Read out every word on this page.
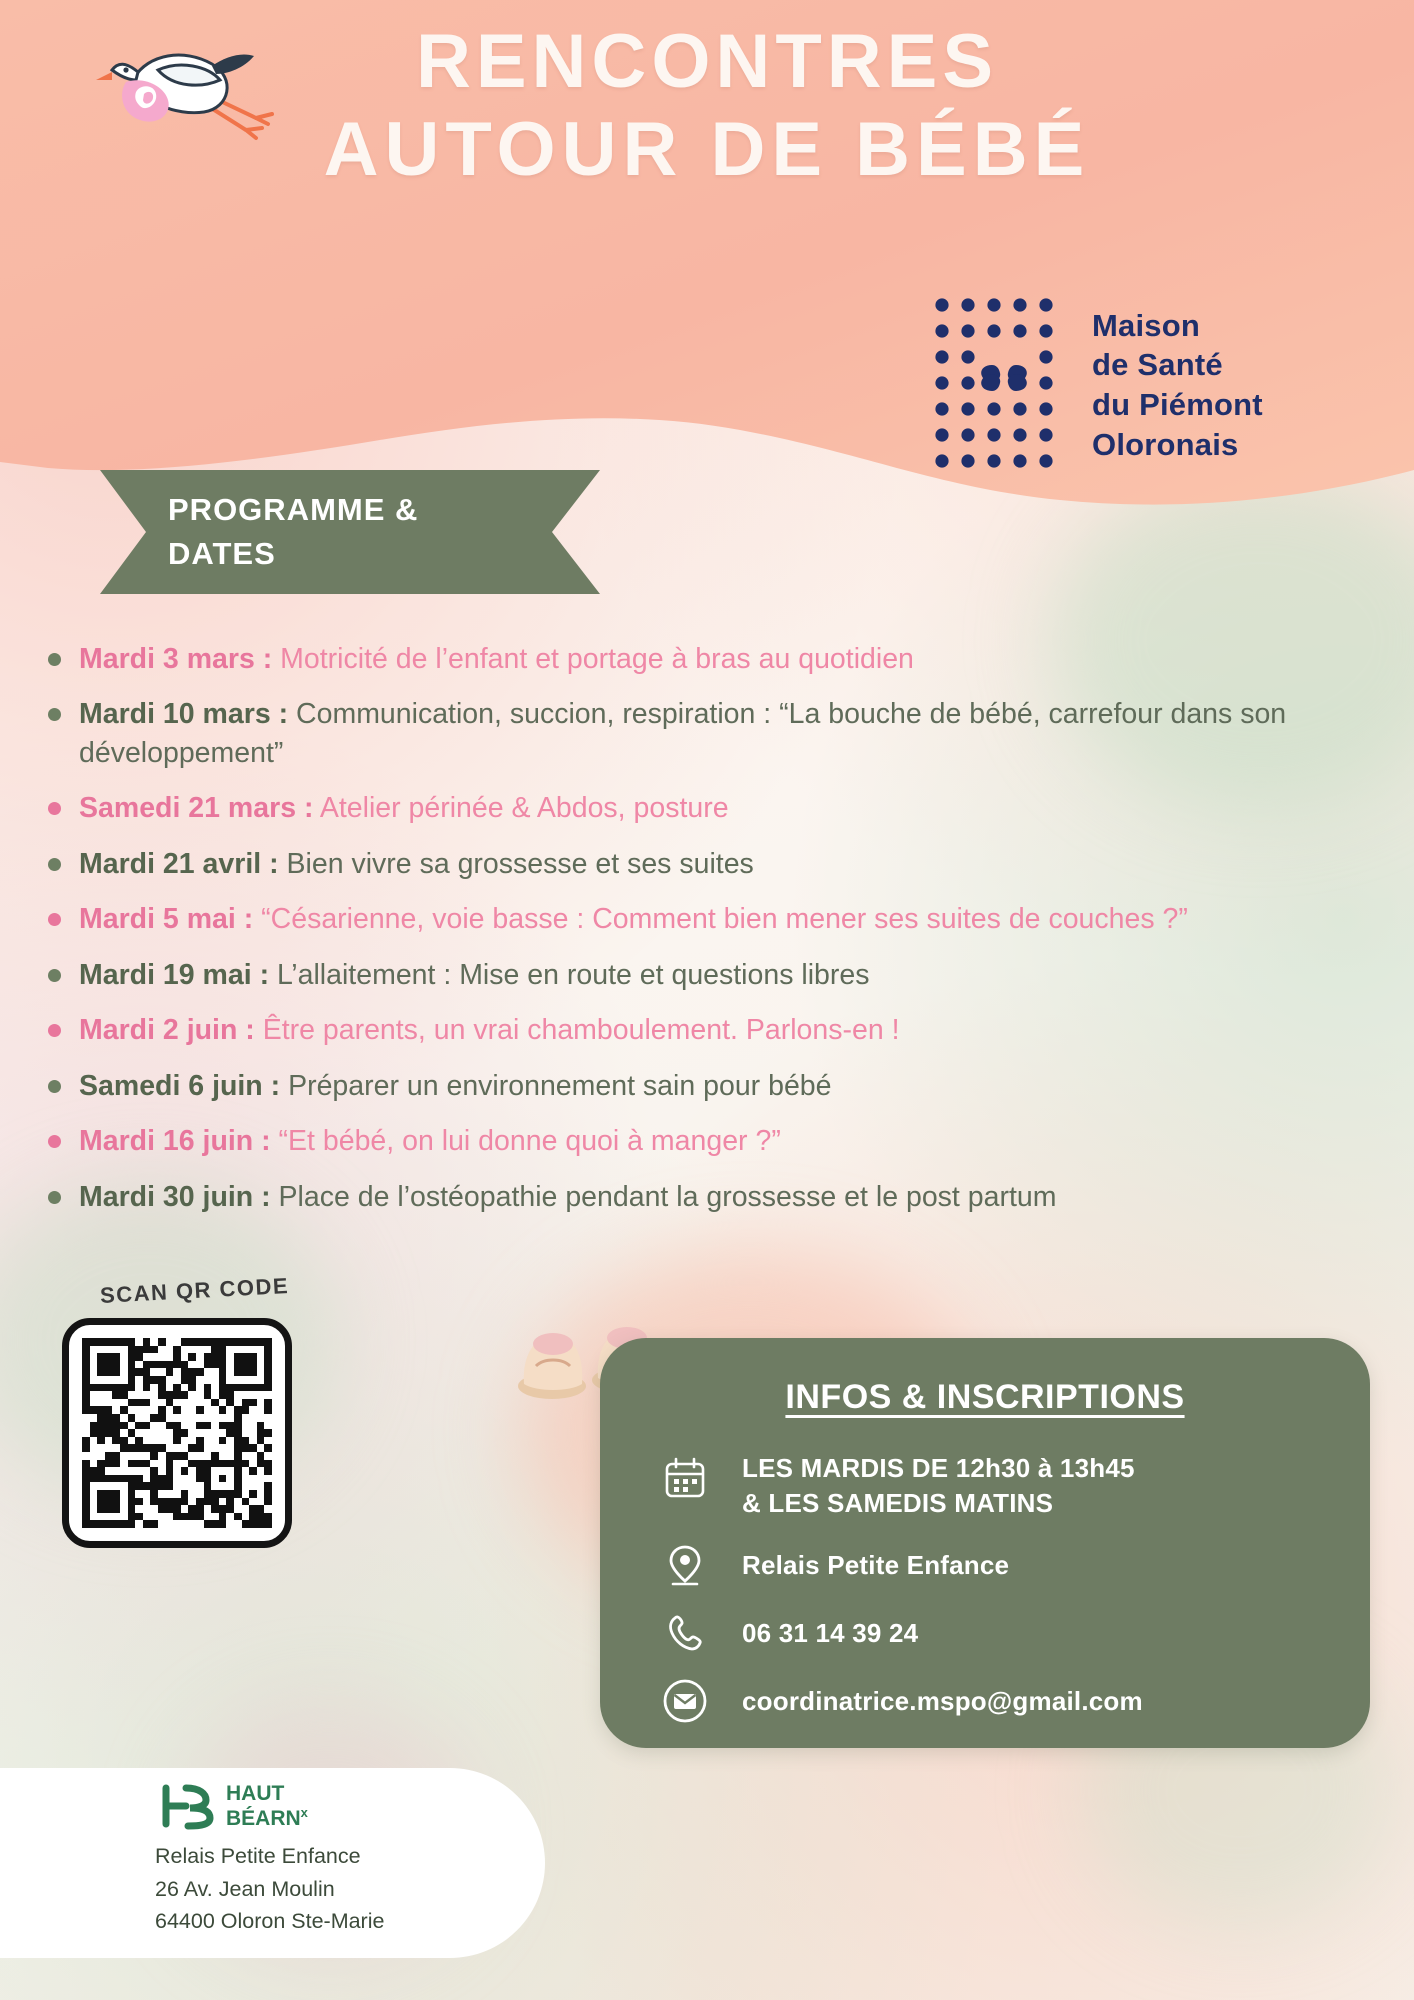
RENCONTRES
AUTOUR DE BÉBÉ
Maison
de Santé
du Piémont
Oloronais
PROGRAMME &
DATES
Mardi 3 mars : Motricité de l’enfant et portage à bras au quotidien
Mardi 10 mars : Communication, succion, respiration : “La bouche de bébé, carrefour dans son développement”
Samedi 21 mars : Atelier périnée & Abdos, posture
Mardi 21 avril : Bien vivre sa grossesse et ses suites
Mardi 5 mai : “Césarienne, voie basse : Comment bien mener ses suites de couches ?”
Mardi 19 mai : L’allaitement : Mise en route et questions libres
Mardi 2 juin : Être parents, un vrai chamboulement. Parlons-en !
Samedi 6 juin : Préparer un environnement sain pour bébé
Mardi 16 juin : “Et bébé, on lui donne quoi à manger ?”
Mardi 30 juin : Place de l’ostéopathie pendant la grossesse et le post partum
SCAN QR CODE
INFOS & INSCRIPTIONS
LES MARDIS DE 12h30 à 13h45
& LES SAMEDIS MATINS
Relais Petite Enfance
06 31 14 39 24
coordinatrice.mspo@gmail.com
HAUT
BÉARN$^x$
Relais Petite Enfance
26 Av. Jean Moulin
64400 Oloron Ste-Marie
